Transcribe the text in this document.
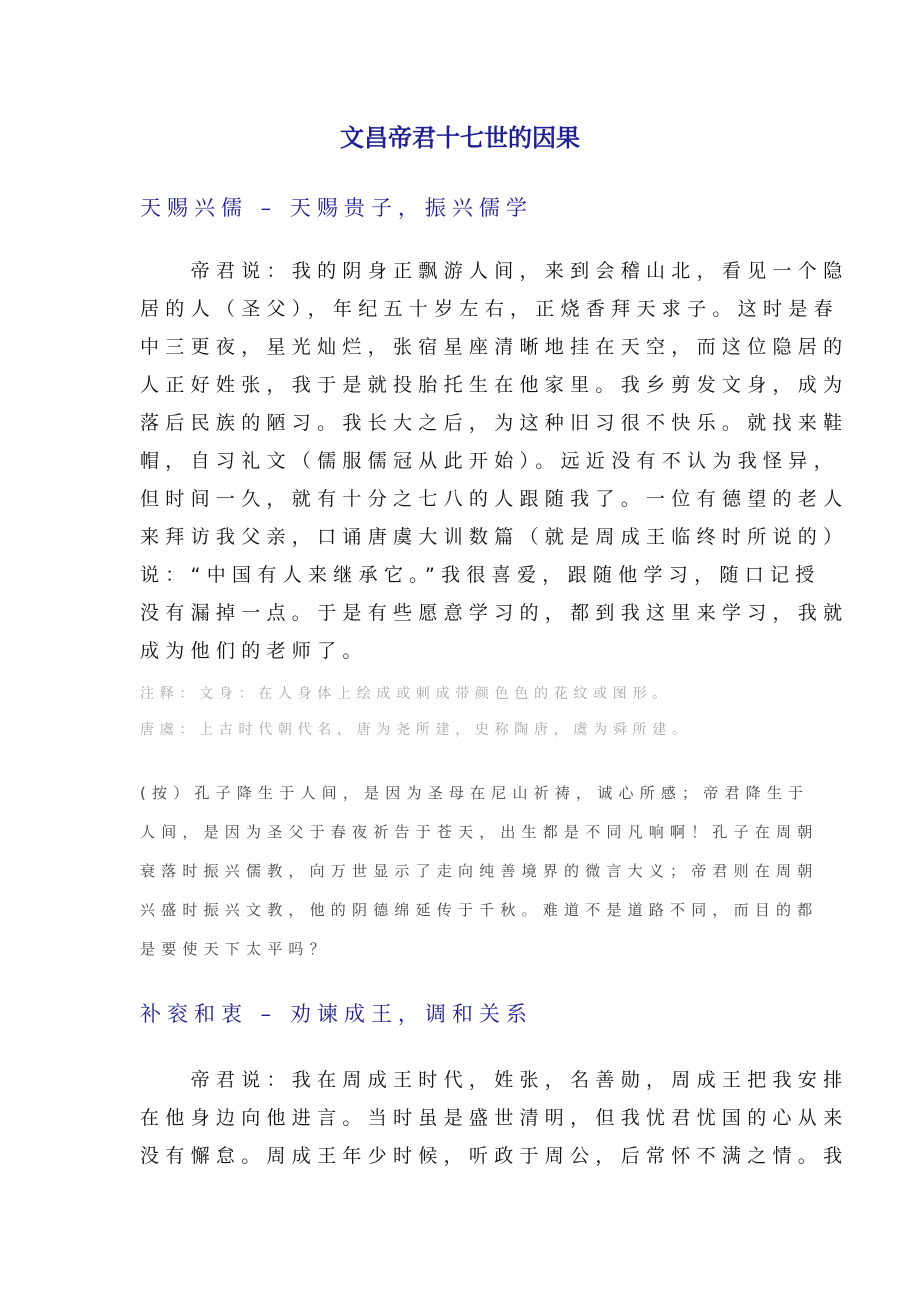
文昌帝君十七世的因果
天赐兴儒 – 天赐贵子，振兴儒学
　　帝君说：我的阴身正飘游人间，来到会稽山北，看见一个隐
居的人（圣父），年纪五十岁左右，正烧香拜天求子。这时是春
中三更夜，星光灿烂，张宿星座清晰地挂在天空，而这位隐居的
人正好姓张，我于是就投胎托生在他家里。我乡剪发文身，成为
落后民族的陋习。我长大之后，为这种旧习很不快乐。就找来鞋
帽，自习礼文（儒服儒冠从此开始）。远近没有不认为我怪异，
但时间一久，就有十分之七八的人跟随我了。一位有德望的老人
来拜访我父亲，口诵唐虞大训数篇（就是周成王临终时所说的）
说：“中国有人来继承它。”我很喜爱，跟随他学习，随口记授
没有漏掉一点。于是有些愿意学习的，都到我这里来学习，我就
成为他们的老师了。
注释：文身：在人身体上绘成或刺成带颜色色的花纹或图形。
唐虞：上古时代朝代名，唐为尧所建，史称陶唐，虞为舜所建。
(按）孔子降生于人间，是因为圣母在尼山祈祷，诚心所感；帝君降生于
人间，是因为圣父于春夜祈告于苍天，出生都是不同凡响啊！孔子在周朝
衰落时振兴儒教，向万世显示了走向纯善境界的微言大义；帝君则在周朝
兴盛时振兴文教，他的阴德绵延传于千秋。难道不是道路不同，而目的都
是要使天下太平吗？
补衮和衷 – 劝谏成王，调和关系
　　帝君说：我在周成王时代，姓张，名善勋，周成王把我安排
在他身边向他进言。当时虽是盛世清明，但我忧君忧国的心从来
没有懈怠。周成王年少时候，听政于周公，后常怀不满之情。我
